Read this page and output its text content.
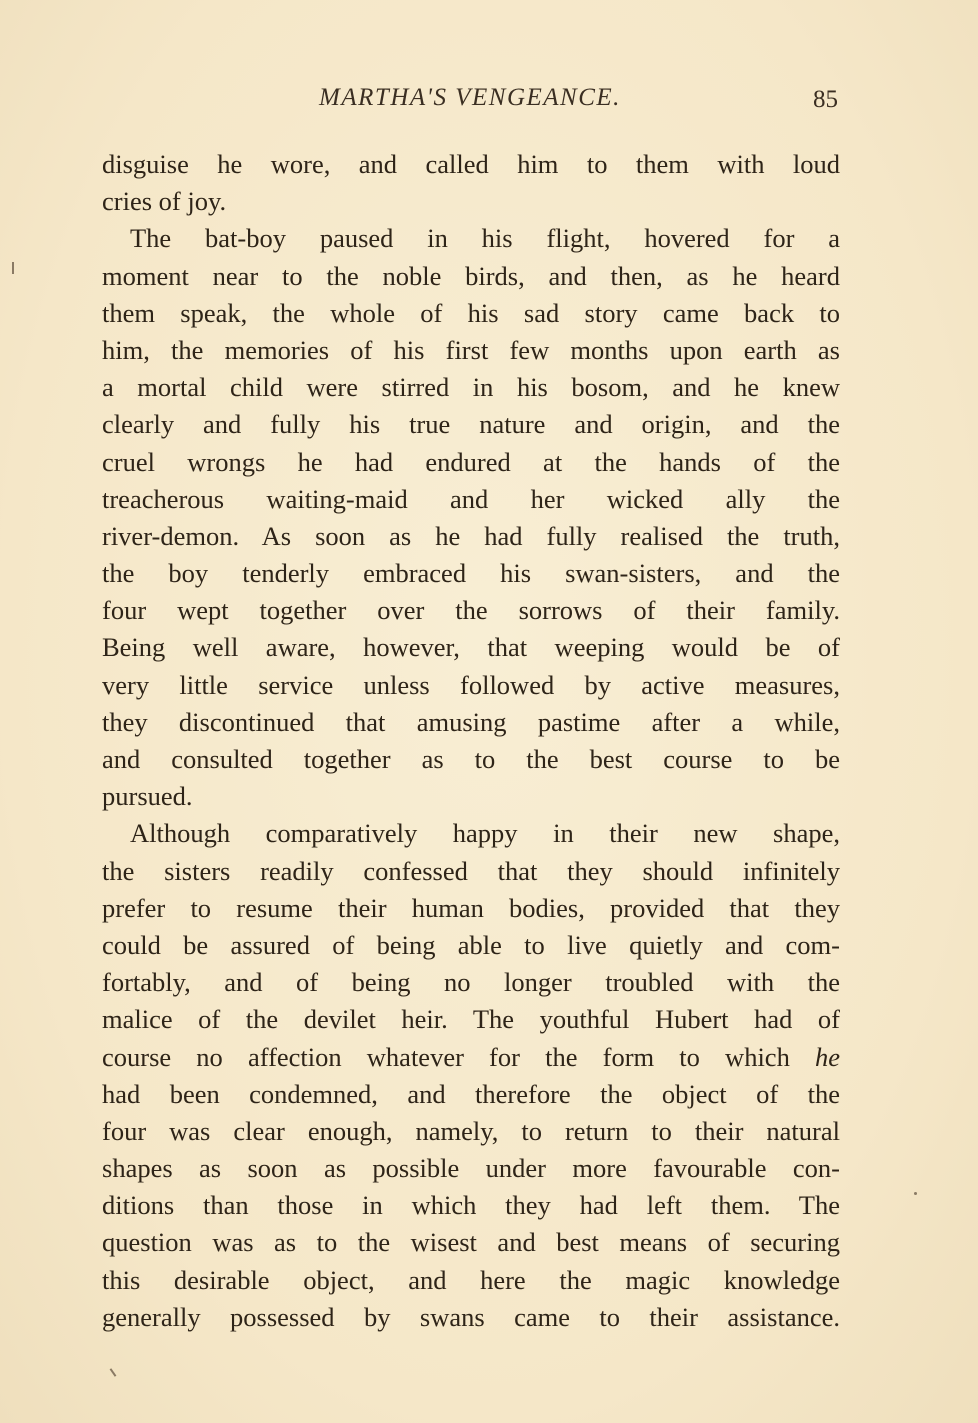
MARTHA'S VENGEANCE.	85
disguise he wore, and called him to them with loud
cries of joy.
The bat-boy paused in his flight, hovered for a
moment near to the noble birds, and then, as he heard
them speak, the whole of his sad story came back to
him, the memories of his first few months upon earth as
a mortal child were stirred in his bosom, and he knew
clearly and fully his true nature and origin, and the
cruel wrongs he had endured at the hands of the
treacherous waiting-maid and her wicked ally the
river-demon. As soon as he had fully realised the truth,
the boy tenderly embraced his swan-sisters, and the
four wept together over the sorrows of their family.
Being well aware, however, that weeping would be of
very little service unless followed by active measures,
they discontinued that amusing pastime after a while,
and consulted together as to the best course to be
pursued.
Although comparatively happy in their new shape,
the sisters readily confessed that they should infinitely
prefer to resume their human bodies, provided that they
could be assured of being able to live quietly and com-
fortably, and of being no longer troubled with the
malice of the devilet heir. The youthful Hubert had of
course no affection whatever for the form to which he
had been condemned, and therefore the object of the
four was clear enough, namely, to return to their natural
shapes as soon as possible under more favourable con-
ditions than those in which they had left them. The
question was as to the wisest and best means of securing
this desirable object, and here the magic knowledge
generally possessed by swans came to their assistance.
